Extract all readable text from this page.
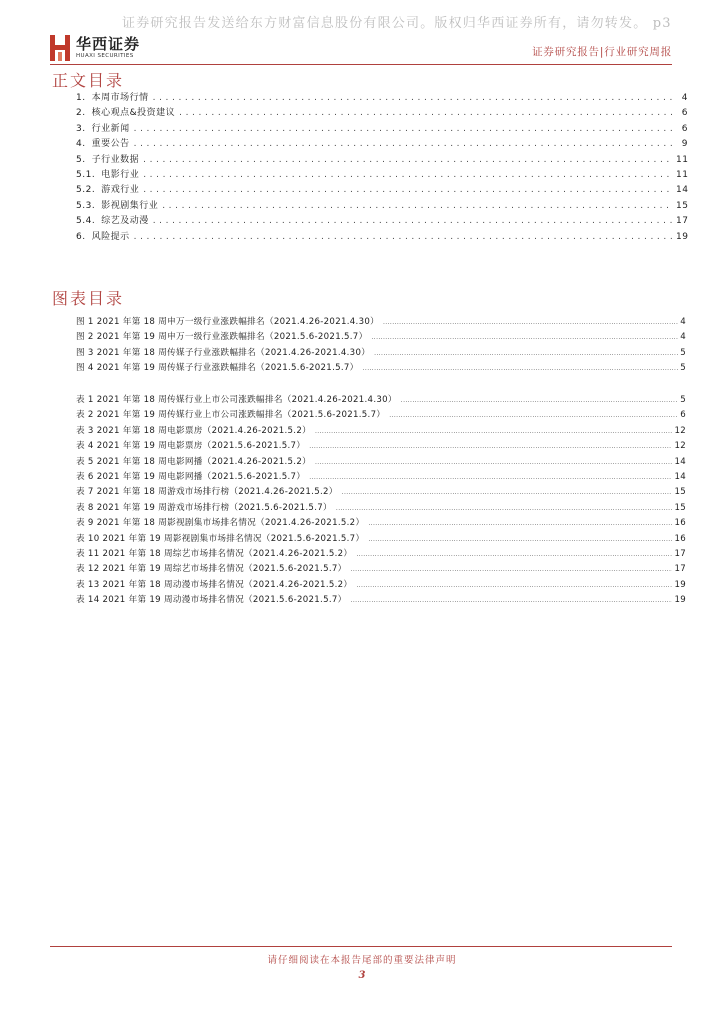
证券研究报告发送给东方财富信息股份有限公司。版权归华西证券所有，请勿转发。 p3
华西证券
HUAXI SECURITIES	证券研究报告|行业研究周报
正文目录
1. 本周市场行情 .....	4
2. 核心观点&投资建议 .....	6
3. 行业新闻 .....	6
4. 重要公告 .....	9
5. 子行业数据 .....	11
5.1. 电影行业 .....	11
5.2. 游戏行业 .....	14
5.3. 影视剧集行业 .....	15
5.4. 综艺及动漫 .....	17
6. 风险提示 .....	19
图表目录
图 1 2021 年第 18 周申万一级行业涨跌幅排名（2021.4.26-2021.4.30） .....	4
图 2 2021 年第 19 周申万一级行业涨跌幅排名（2021.5.6-2021.5.7） .....	4
图 3 2021 年第 18 周传媒子行业涨跌幅排名（2021.4.26-2021.4.30） .....	5
图 4 2021 年第 19 周传媒子行业涨跌幅排名（2021.5.6-2021.5.7） .....	5
表 1 2021 年第 18 周传媒行业上市公司涨跌幅排名（2021.4.26-2021.4.30） .....	5
表 2 2021 年第 19 周传媒行业上市公司涨跌幅排名（2021.5.6-2021.5.7） .....	6
表 3 2021 年第 18 周电影票房（2021.4.26-2021.5.2） .....	12
表 4 2021 年第 19 周电影票房（2021.5.6-2021.5.7） .....	12
表 5 2021 年第 18 周电影网播（2021.4.26-2021.5.2） .....	14
表 6 2021 年第 19 周电影网播（2021.5.6-2021.5.7） .....	14
表 7 2021 年第 18 周游戏市场排行榜（2021.4.26-2021.5.2） .....	15
表 8 2021 年第 19 周游戏市场排行榜（2021.5.6-2021.5.7） .....	15
表 9 2021 年第 18 周影视剧集市场排名情况（2021.4.26-2021.5.2） .....	16
表 10 2021 年第 19 周影视剧集市场排名情况（2021.5.6-2021.5.7） .....	16
表 11 2021 年第 18 周综艺市场排名情况（2021.4.26-2021.5.2） .....	17
表 12 2021 年第 19 周综艺市场排名情况（2021.5.6-2021.5.7） .....	17
表 13 2021 年第 18 周动漫市场排名情况（2021.4.26-2021.5.2） .....	19
表 14 2021 年第 19 周动漫市场排名情况（2021.5.6-2021.5.7） .....	19
请仔细阅读在本报告尾部的重要法律声明
3
